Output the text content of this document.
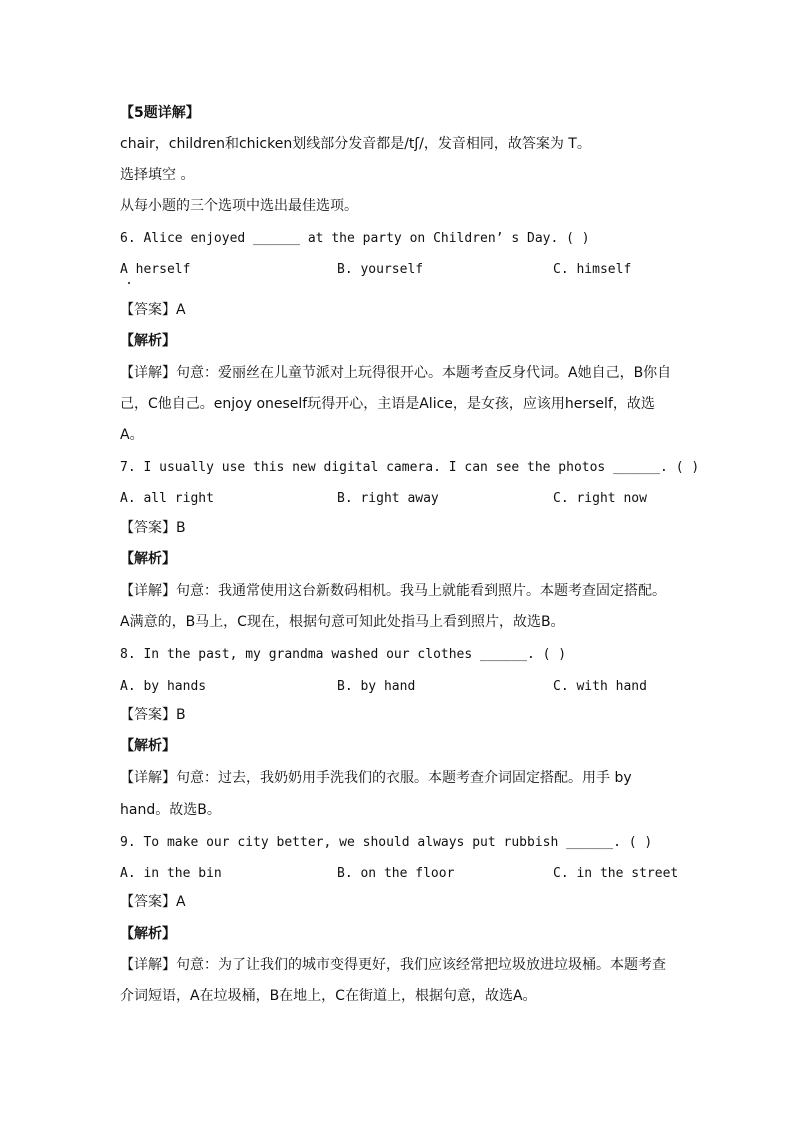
【5题详解】
chair，children和chicken划线部分发音都是/tʃ/，发音相同，故答案为 T。
选择填空 。
从每小题的三个选项中选出最佳选项。
6. Alice enjoyed ______ at the party on Children’ s Day. ( )
A herself	B. yourself	C. himself
【答案】A
【解析】
【详解】句意：爱丽丝在儿童节派对上玩得很开心。本题考查反身代词。A她自己，B你自
己，C他自己。enjoy oneself玩得开心，主语是Alice，是女孩，应该用herself，故选
A。
7. I usually use this new digital camera. I can see the photos ______. ( )
A. all right	B. right away	C. right now
【答案】B
【解析】
【详解】句意：我通常使用这台新数码相机。我马上就能看到照片。本题考查固定搭配。
A满意的，B马上，C现在，根据句意可知此处指马上看到照片，故选B。
8. In the past, my grandma washed our clothes ______. ( )
A. by hands	B. by hand	C. with hand
【答案】B
【解析】
【详解】句意：过去，我奶奶用手洗我们的衣服。本题考查介词固定搭配。用手 by
hand。故选B。
9. To make our city better, we should always put rubbish ______. ( )
A. in the bin	B. on the floor	C. in the street
【答案】A
【解析】
【详解】句意：为了让我们的城市变得更好，我们应该经常把垃圾放进垃圾桶。本题考查
介词短语，A在垃圾桶，B在地上，C在街道上，根据句意，故选A。
